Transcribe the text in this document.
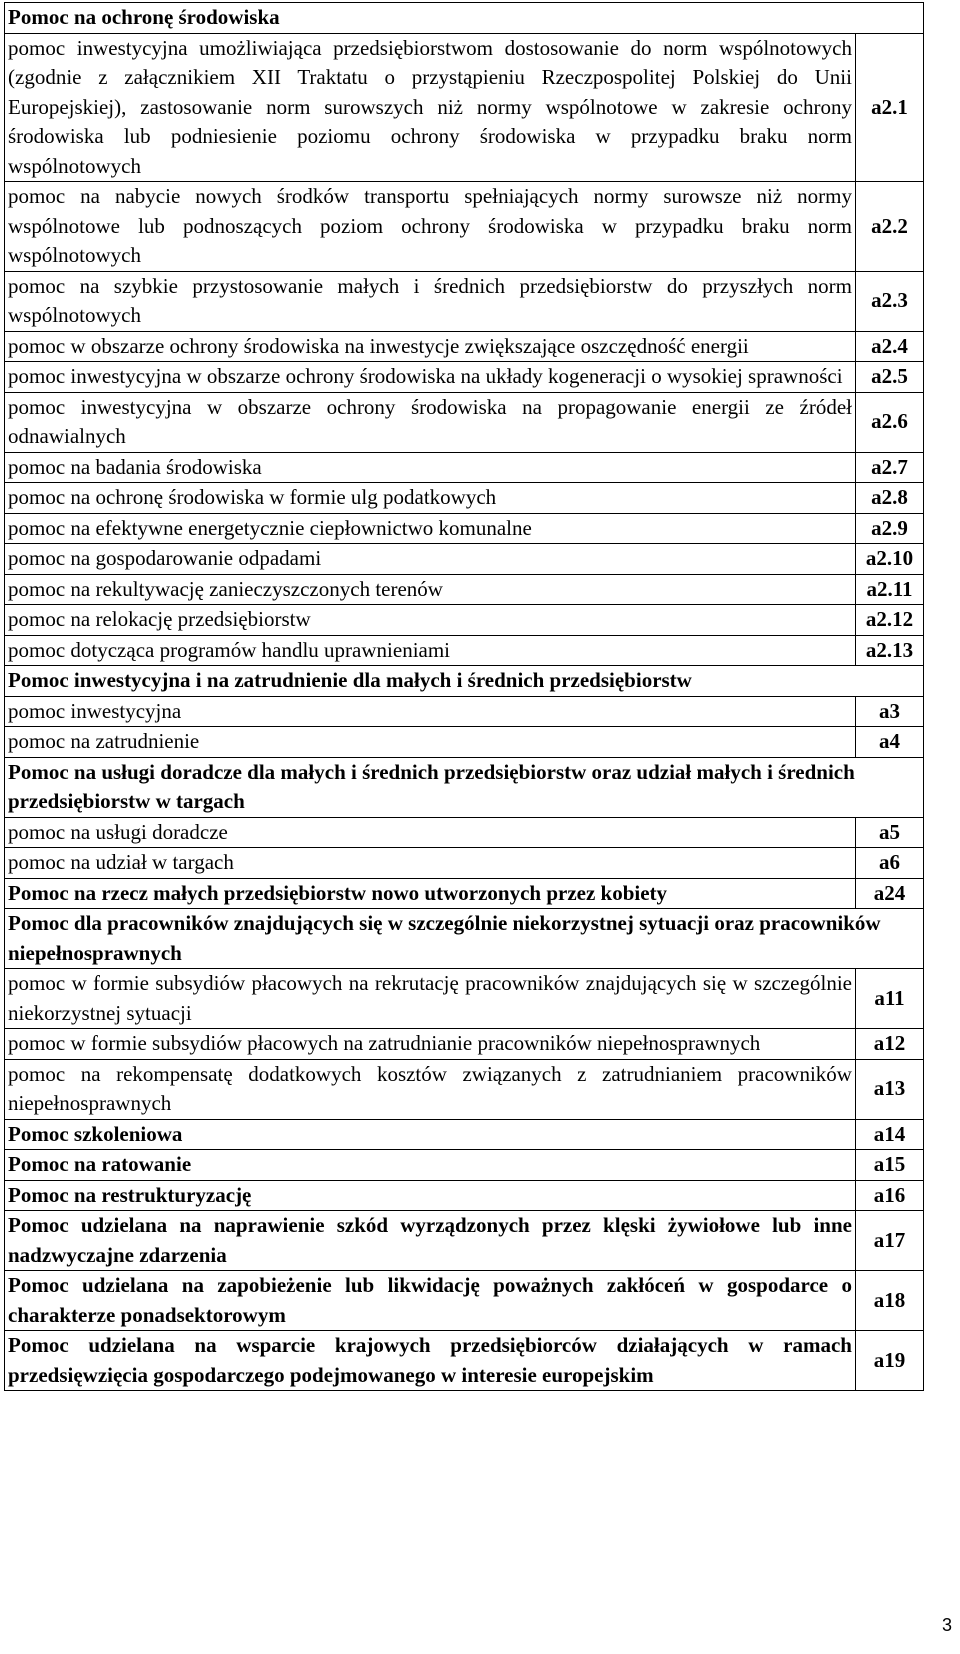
Pomoc na ochronę środowiska	
pomoc inwestycyjna umożliwiająca przedsiębiorstwom dostosowanie do norm wspólnotowych (zgodnie z załącznikiem XII Traktatu o przystąpieniu Rzeczpospolitej Polskiej do Unii Europejskiej), zastosowanie norm surowszych niż normy wspólnotowe w zakresie ochrony środowiska lub podniesienie poziomu ochrony środowiska w przypadku braku norm wspólnotowych	a2.1
pomoc na nabycie nowych środków transportu spełniających normy surowsze niż normy wspólnotowe lub podnoszących poziom ochrony środowiska w przypadku braku norm wspólnotowych	a2.2
pomoc na szybkie przystosowanie małych i średnich przedsiębiorstw do przyszłych norm wspólnotowych	a2.3
pomoc w obszarze ochrony środowiska na inwestycje zwiększające oszczędność energii	a2.4
pomoc inwestycyjna w obszarze ochrony środowiska na układy kogeneracji o wysokiej sprawności	a2.5
pomoc inwestycyjna w obszarze ochrony środowiska na propagowanie energii ze źródeł odnawialnych	a2.6
pomoc na badania środowiska	a2.7
pomoc na ochronę środowiska w formie ulg podatkowych	a2.8
pomoc na efektywne energetycznie ciepłownictwo komunalne	a2.9
pomoc na gospodarowanie odpadami	a2.10
pomoc na rekultywację zanieczyszczonych terenów	a2.11
pomoc na relokację przedsiębiorstw	a2.12
pomoc dotycząca programów handlu uprawnieniami	a2.13
Pomoc inwestycyjna i na zatrudnienie dla małych i średnich przedsiębiorstw	
pomoc inwestycyjna	a3
pomoc na zatrudnienie	a4
Pomoc na usługi doradcze dla małych i średnich przedsiębiorstw oraz udział małych i średnich przedsiębiorstw w targach	
pomoc na usługi doradcze	a5
pomoc na udział w targach	a6
Pomoc na rzecz małych przedsiębiorstw nowo utworzonych przez kobiety	a24
Pomoc dla pracowników znajdujących się w szczególnie niekorzystnej sytuacji oraz pracowników niepełnosprawnych	
pomoc w formie subsydiów płacowych na rekrutację pracowników znajdujących się w szczególnie niekorzystnej sytuacji	a11
pomoc w formie subsydiów płacowych na zatrudnianie pracowników niepełnosprawnych	a12
pomoc na rekompensatę dodatkowych kosztów związanych z zatrudnianiem pracowników niepełnosprawnych	a13
Pomoc szkoleniowa	a14
Pomoc na ratowanie	a15
Pomoc na restrukturyzację	a16
Pomoc udzielana na naprawienie szkód wyrządzonych przez klęski żywiołowe lub inne nadzwyczajne zdarzenia	a17
Pomoc udzielana na zapobieżenie lub likwidację poważnych zakłóceń w gospodarce o charakterze ponadsektorowym	a18
Pomoc udzielana na wsparcie krajowych przedsiębiorców działających w ramach przedsięwzięcia gospodarczego podejmowanego w interesie europejskim	a19
3
